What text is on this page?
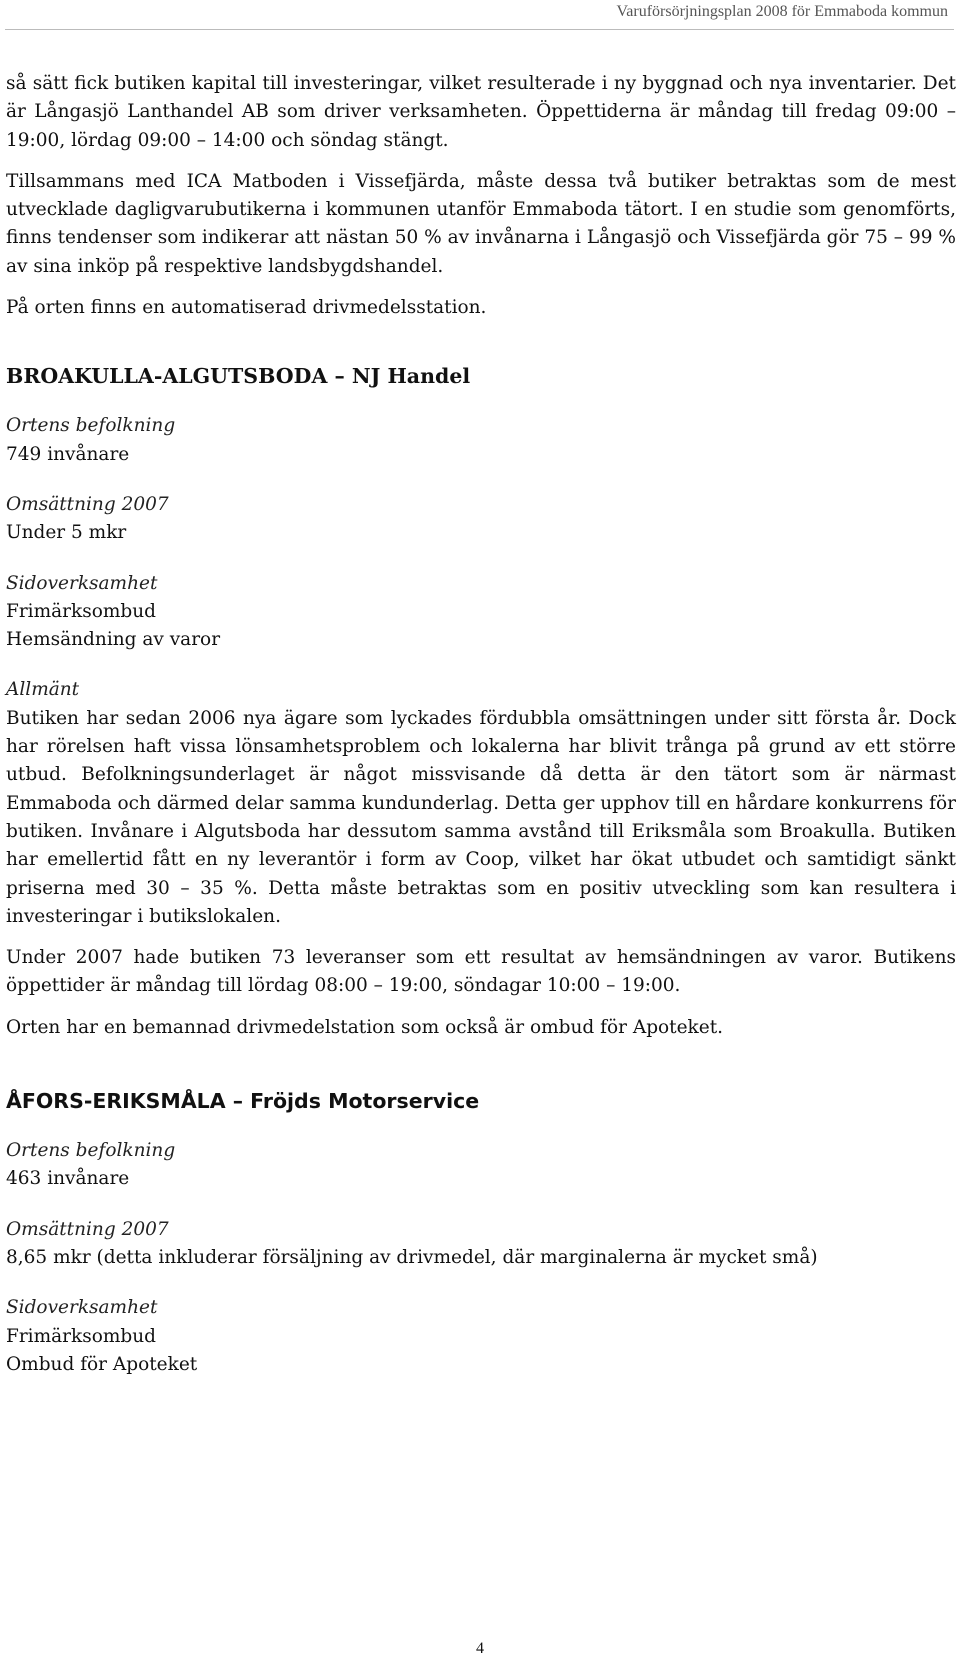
Varuförsörjningsplan 2008 för Emmaboda kommun

så sätt fick butiken kapital till investeringar, vilket resulterade i ny byggnad och nya inventarier. Det är Långasjö Lanthandel AB som driver verksamheten. Öppettiderna är måndag till fredag 09:00 – 19:00, lördag 09:00 – 14:00 och söndag stängt.

Tillsammans med ICA Matboden i Vissefjärda, måste dessa två butiker betraktas som de mest utvecklade dagligvarubutikerna i kommunen utanför Emmaboda tätort. I en studie som genomförts, finns tendenser som indikerar att nästan 50 % av invånarna i Långasjö och Vissefjärda gör 75 – 99 % av sina inköp på respektive landsbygdshandel.

På orten finns en automatiserad drivmedelsstation.

BROAKULLA-ALGUTSBODA – NJ Handel

Ortens befolkning

749 invånare

Omsättning 2007

Under 5 mkr

Sidoverksamhet

Frimärksombud

Hemsändning av varor

Allmänt

Butiken har sedan 2006 nya ägare som lyckades fördubbla omsättningen under sitt första år. Dock har rörelsen haft vissa lönsamhetsproblem och lokalerna har blivit trånga på grund av ett större utbud. Befolkningsunderlaget är något missvisande då detta är den tätort som är närmast Emmaboda och därmed delar samma kundunderlag. Detta ger upphov till en hårdare konkurrens för butiken. Invånare i Algutsboda har dessutom samma avstånd till Eriksmåla som Broakulla. Butiken har emellertid fått en ny leverantör i form av Coop, vilket har ökat utbudet och samtidigt sänkt priserna med 30 – 35 %. Detta måste betraktas som en positiv utveckling som kan resultera i investeringar i butikslokalen.

Under 2007 hade butiken 73 leveranser som ett resultat av hemsändningen av varor. Butikens öppettider är måndag till lördag 08:00 – 19:00, söndagar 10:00 – 19:00.

Orten har en bemannad drivmedelstation som också är ombud för Apoteket.

ÅFORS-ERIKSMÅLA – Fröjds Motorservice

Ortens befolkning

463 invånare

Omsättning 2007

8,65 mkr (detta inkluderar försäljning av drivmedel, där marginalerna är mycket små)

Sidoverksamhet

Frimärksombud

Ombud för Apoteket

4
